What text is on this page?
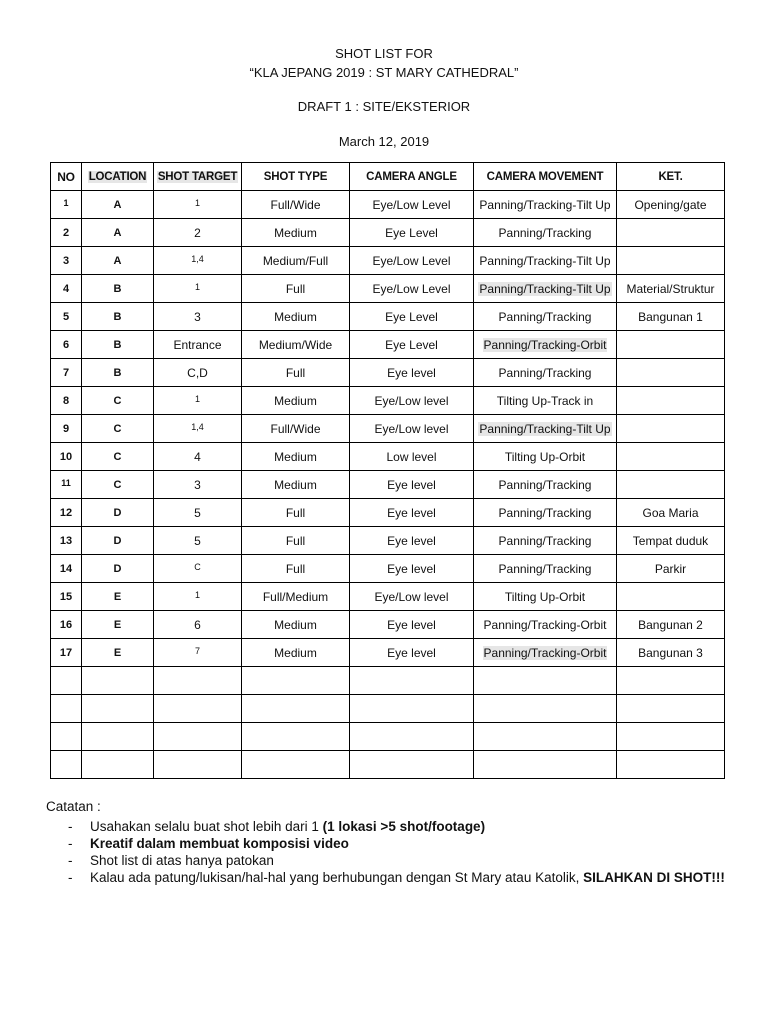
SHOT LIST FOR
“KLA JEPANG 2019 : ST MARY CATHEDRAL”
DRAFT 1 : SITE/EKSTERIOR
March 12, 2019
NO	LOCATION	SHOT TARGET	SHOT TYPE	CAMERA ANGLE	CAMERA MOVEMENT	KET.
$^1$	A	$^1$	Full/Wide	Eye/Low Level	Panning/Tracking-Tilt Up	Opening/gate
2	A	2	Medium	Eye Level	Panning/Tracking	
3	A	$^{1,4}$	Medium/Full	Eye/Low Level	Panning/Tracking-Tilt Up	
4	B	$^1$	Full	Eye/Low Level	Panning/Tracking-Tilt Up	Material/Struktur
5	B	3	Medium	Eye Level	Panning/Tracking	Bangunan 1
6	B	Entrance	Medium/Wide	Eye Level	Panning/Tracking-Orbit	
7	B	C,D	Full	Eye level	Panning/Tracking	
8	C	$^1$	Medium	Eye/Low level	Tilting Up-Track in	
9	C	$^{1,4}$	Full/Wide	Eye/Low level	Panning/Tracking-Tilt Up	
10	C	4	Medium	Low level	Tilting Up-Orbit	
$^{11}$	C	3	Medium	Eye level	Panning/Tracking	
12	D	5	Full	Eye level	Panning/Tracking	Goa Maria
13	D	5	Full	Eye level	Panning/Tracking	Tempat duduk
14	D	$^C$	Full	Eye level	Panning/Tracking	Parkir
15	E	$^1$	Full/Medium	Eye/Low level	Tilting Up-Orbit	
16	E	6	Medium	Eye level	Panning/Tracking-Orbit	Bangunan 2
17	E	$^7$	Medium	Eye level	Panning/Tracking-Orbit	Bangunan 3

Catatan :
- Usahakan selalu buat shot lebih dari 1 (1 lokasi >5 shot/footage)
- Kreatif dalam membuat komposisi video
- Shot list di atas hanya patokan
- Kalau ada patung/lukisan/hal-hal yang berhubungan dengan St Mary atau Katolik, SILAHKAN DI SHOT!!!
